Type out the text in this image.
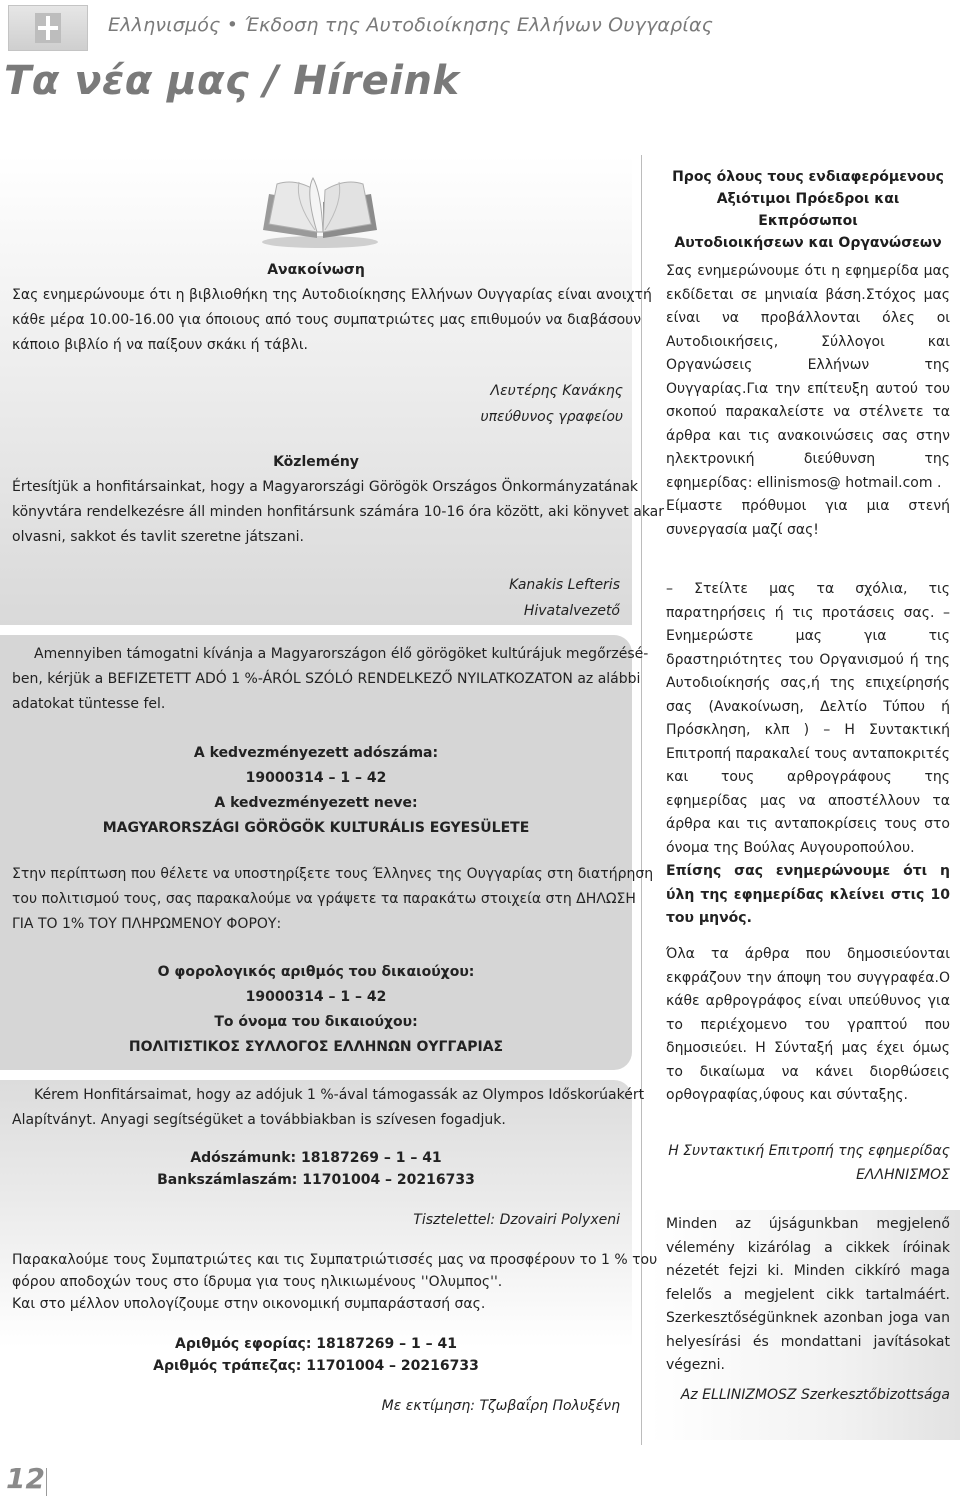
Ελληνισμός • Έκδοση της Αυτοδιοίκησης Ελλήνων Ουγγαρίας
Τα νέα μας / Híreink
Ανακοίνωση
Σας ενημερώνουμε ότι η βιβλιοθήκη της Αυτοδιοίκησης Ελλήνων Ουγγαρίας είναι ανοιχτή
κάθε μέρα 10.00-16.00 για όποιους από τους συμπατριώτες μας επιθυμούν να διαβάσουν
κάποιο βιβλίο ή να παίξουν σκάκι ή τάβλι.
Λευτέρης Κανάκης
υπεύθυνος γραφείου
Közlemény
Értesítjük a honfitársainkat, hogy a Magyarországi Görögök Országos Önkormányzatának
könyvtára rendelkezésre áll minden honfitársunk számára 10-16 óra között, aki könyvet akar
olvasni, sakkot és tavlit szeretne játszani.
Kanakis Lefteris
Hivatalvezető
Amennyiben támogatni kívánja a Magyarországon élő görögöket kultúrájuk megőrzésé-
ben, kérjük a BEFIZETETT ADÓ 1 %-ÁRÓL SZÓLÓ RENDELKEZŐ NYILATKOZATON az alábbi
adatokat tüntesse fel.
A kedvezményezett adószáma:
19000314 – 1 – 42
A kedvezményezett neve:
MAGYARORSZÁGI GÖRÖGÖK KULTURÁLIS EGYESÜLETE
Στην περίπτωση που θέλετε να υποστηρίξετε τους Έλληνες της Ουγγαρίας στη διατήρηση
του πολιτισμού τους, σας παρακαλούμε να γράψετε τα παρακάτω στοιχεία στη ΔΗΛΩΣΗ
ΓΙΑ ΤΟ 1% ΤΟΥ ΠΛΗΡΩΜΕΝΟΥ ΦΟΡΟΥ:
Ο φορολογικός αριθμός του δικαιούχου:
19000314 – 1 – 42
Το όνομα του δικαιούχου:
ΠΟΛΙΤΙΣΤΙΚΟΣ ΣΥΛΛΟΓΟΣ ΕΛΛΗΝΩΝ ΟΥΓΓΑΡΙΑΣ
Kérem Honfitársaimat, hogy az adójuk 1 %-ával támogassák az Olympos Időskorúakért
Alapítványt. Anyagi segítségüket a továbbiakban is szívesen fogadjuk.
Adószámunk: 18187269 – 1 – 41
Bankszámlaszám: 11701004 – 20216733
Tisztelettel: Dzovairi Polyxeni
Παρακαλούμε τους Συμπατριώτες και τις Συμπατριώτισσές μας να προσφέρουν το 1 % του
φόρου αποδοχών τους στο ίδρυμα για τους ηλικιωμένους ''Ολυμπος''.
Και στο μέλλον υπολογίζουμε στην οικονομική συμπαράστασή σας.
Αριθμός εφορίας: 18187269 – 1 – 41
Αριθμός τράπεζας: 11701004 – 20216733
Με εκτίμηση: Τζωβαΐρη Πολυξένη
Προς όλους τους ενδιαφερόμενους
Αξιότιμοι Πρόεδροι και Εκπρόσωποι
Αυτοδιοικήσεων και Οργανώσεων
Σας ενημερώνουμε ότι η εφημερίδα μας εκδίδεται σε μηνιαία βάση.Στόχος μας είναι να προβάλλονται όλες οι Αυτοδιοικήσεις, Σύλλογοι και Οργανώσεις Ελλήνων της Ουγγαρίας.Για την επίτευξη αυτού του σκοπού παρακαλείστε να στέλνετε τα άρθρα και τις ανακοινώσεις σας στην ηλεκτρονική διεύθυνση της εφημερίδας: ellinismos@ hotmail.com .
Είμαστε πρόθυμοι για μια στενή συνεργασία μαζί σας!
– Στείλτε μας τα σχόλια, τις παρατηρήσεις ή τις προτάσεις σας. – Ενημερώστε μας για τις δραστηριότητες του Οργανισμού ή της Αυτοδιοίκησής σας,ή της επιχείρησής σας (Ανακοίνωση, Δελτίο Τύπου ή Πρόσκληση, κλπ ) – Η Συντακτική Επιτροπή παρακαλεί τους ανταποκριτές και τους αρθρογράφους της εφημερίδας μας να αποστέλλουν τα άρθρα και τις ανταποκρίσεις τους στο όνομα της Βούλας Αυγουροπούλου.
Επίσης σας ενημερώνουμε ότι η ύλη της εφημερίδας κλείνει στις 10 του μηνός.
Όλα τα άρθρα που δημοσιεύονται εκφράζουν την άποψη του συγγραφέα.Ο κάθε αρθρογράφος είναι υπεύθυνος για το περιέχομενο του γραπτού που δημοσιεύει. Η Σύνταξή μας έχει όμως το δικαίωμα να κάνει διορθώσεις ορθογραφίας,ύφους και σύνταξης.
Η Συντακτική Επιτροπή της εφημερίδας ΕΛΛΗΝΙΣΜΟΣ
Minden az újságunkban megjelenő vélemény kizárólag a cikkek íróinak nézetét fejzi ki. Minden cikkíró maga felelős a megjelent cikk tartalmáért. Szerkesztőségünknek azonban joga van helyesírási és mondattani javításokat végezni.
Az ELLINIZMOSZ Szerkesztőbizottsága
12
